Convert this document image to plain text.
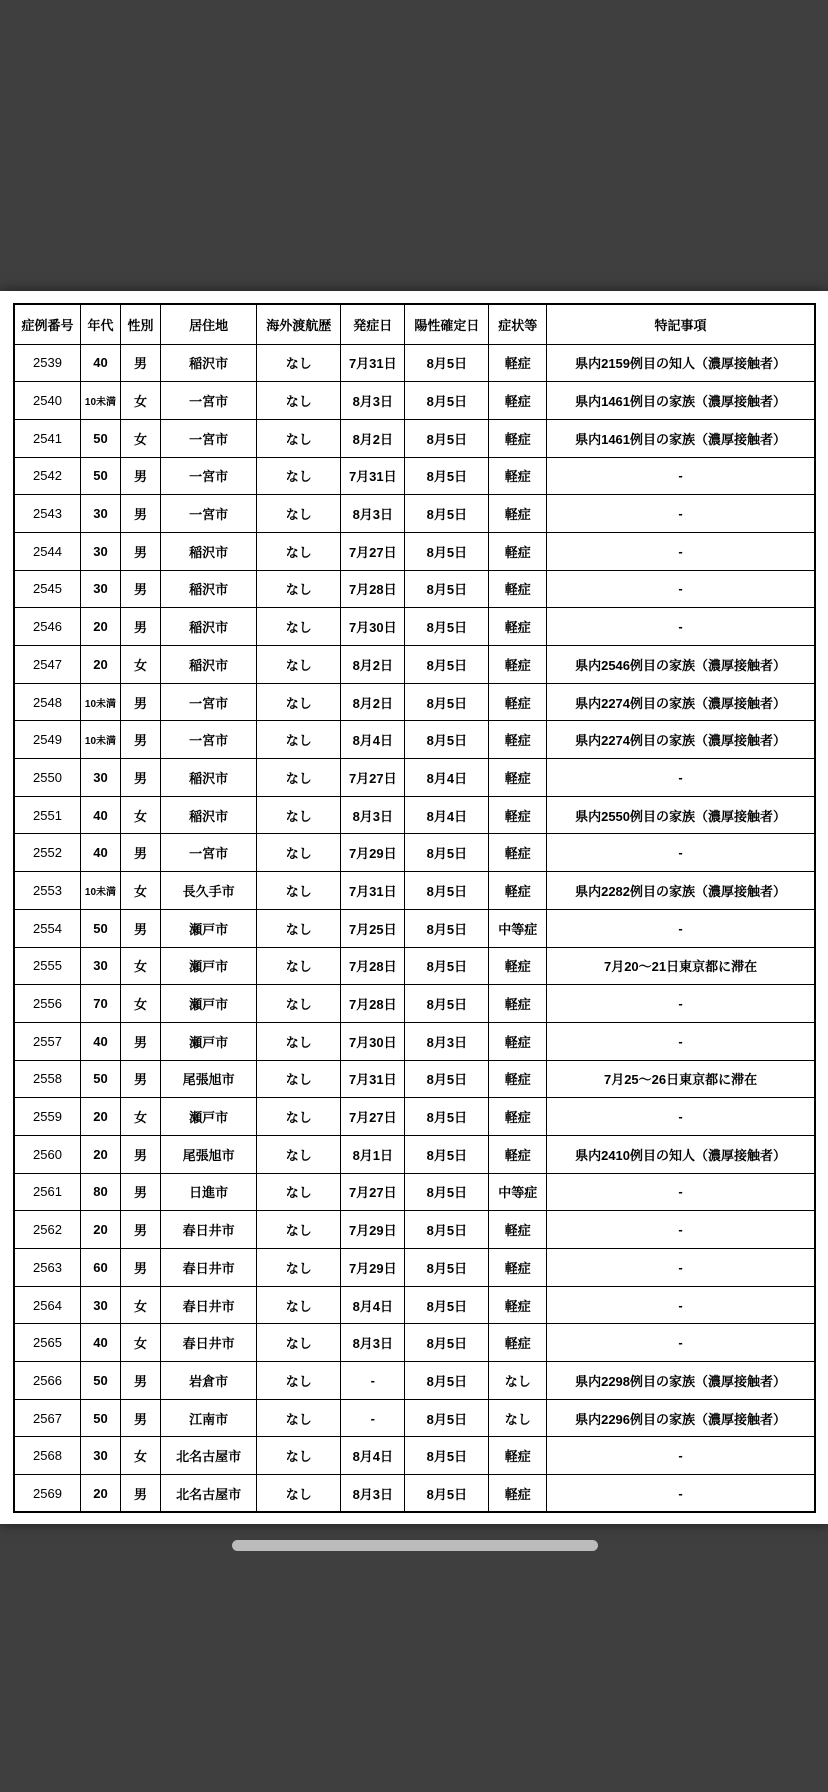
症例番号	年代	性別	居住地	海外渡航歴	発症日	陽性確定日	症状等	特記事項
2539	40	男	稲沢市	なし	7月31日	8月5日	軽症	県内2159例目の知人（濃厚接触者）
2540	10未満	女	一宮市	なし	8月3日	8月5日	軽症	県内1461例目の家族（濃厚接触者）
2541	50	女	一宮市	なし	8月2日	8月5日	軽症	県内1461例目の家族（濃厚接触者）
2542	50	男	一宮市	なし	7月31日	8月5日	軽症	-
2543	30	男	一宮市	なし	8月3日	8月5日	軽症	-
2544	30	男	稲沢市	なし	7月27日	8月5日	軽症	-
2545	30	男	稲沢市	なし	7月28日	8月5日	軽症	-
2546	20	男	稲沢市	なし	7月30日	8月5日	軽症	-
2547	20	女	稲沢市	なし	8月2日	8月5日	軽症	県内2546例目の家族（濃厚接触者）
2548	10未満	男	一宮市	なし	8月2日	8月5日	軽症	県内2274例目の家族（濃厚接触者）
2549	10未満	男	一宮市	なし	8月4日	8月5日	軽症	県内2274例目の家族（濃厚接触者）
2550	30	男	稲沢市	なし	7月27日	8月4日	軽症	-
2551	40	女	稲沢市	なし	8月3日	8月4日	軽症	県内2550例目の家族（濃厚接触者）
2552	40	男	一宮市	なし	7月29日	8月5日	軽症	-
2553	10未満	女	長久手市	なし	7月31日	8月5日	軽症	県内2282例目の家族（濃厚接触者）
2554	50	男	瀬戸市	なし	7月25日	8月5日	中等症	-
2555	30	女	瀬戸市	なし	7月28日	8月5日	軽症	7月20～21日東京都に滞在
2556	70	女	瀬戸市	なし	7月28日	8月5日	軽症	-
2557	40	男	瀬戸市	なし	7月30日	8月3日	軽症	-
2558	50	男	尾張旭市	なし	7月31日	8月5日	軽症	7月25～26日東京都に滞在
2559	20	女	瀬戸市	なし	7月27日	8月5日	軽症	-
2560	20	男	尾張旭市	なし	8月1日	8月5日	軽症	県内2410例目の知人（濃厚接触者）
2561	80	男	日進市	なし	7月27日	8月5日	中等症	-
2562	20	男	春日井市	なし	7月29日	8月5日	軽症	-
2563	60	男	春日井市	なし	7月29日	8月5日	軽症	-
2564	30	女	春日井市	なし	8月4日	8月5日	軽症	-
2565	40	女	春日井市	なし	8月3日	8月5日	軽症	-
2566	50	男	岩倉市	なし	-	8月5日	なし	県内2298例目の家族（濃厚接触者）
2567	50	男	江南市	なし	-	8月5日	なし	県内2296例目の家族（濃厚接触者）
2568	30	女	北名古屋市	なし	8月4日	8月5日	軽症	-
2569	20	男	北名古屋市	なし	8月3日	8月5日	軽症	-
